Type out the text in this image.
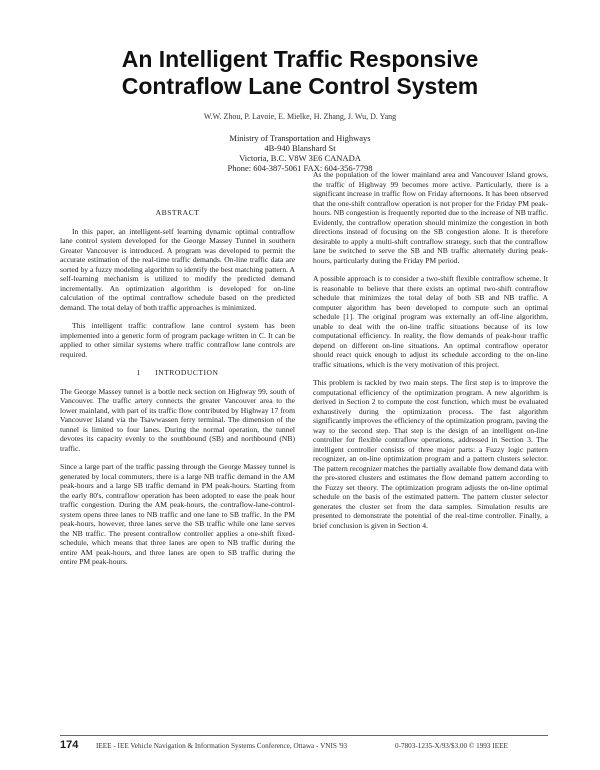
An Intelligent Traffic Responsive
Contraflow Lane Control System
W.W. Zhou, P. Lavoie, E. Mielke, H. Zhang, J. Wu, D. Yang
Ministry of Transportation and Highways
4B-940 Blanshard St
Victoria, B.C. V8W 3E6 CANADA
Phone: 604-387-5061 FAX: 604-356-7798
ABSTRACT

In this paper, an intelligent-self learning dynamic optimal contraflow lane control system developed for the George Massey Tunnel in southern Greater Vancouver is introduced. A program was developed to permit the accurate estimation of the real-time traffic demands. On-line traffic data are sorted by a fuzzy modeling algorithm to identify the best matching pattern. A self-learning mechanism is utilized to modify the predicted demand incrementally. An optimization algorithm is developed for on-line calculation of the optimal contraflow schedule based on the predicted demand. The total delay of both traffic approaches is minimized.

This intelligent traffic contraflow lane control system has been implemented into a generic form of program package written in C. It can be applied to other similar systems where traffic contraflow lane controls are required.

1      INTRODUCTION

The George Massey tunnel is a bottle neck section on Highway 99, south of Vancouver. The traffic artery connects the greater Vancouver area to the lower mainland, with part of its traffic flow contributed by Highway 17 from Vancouver Island via the Tsawwassen ferry terminal. The dimension of the tunnel is limited to four lanes. During the normal operation, the tunnel devotes its capacity evenly to the southbound (SB) and northbound (NB) traffic.

Since a large part of the traffic passing through the George Massey tunnel is generated by local commuters, there is a large NB traffic demand in the AM peak-hours and a large SB traffic demand in PM peak-hours. Starting from the early 80's, contraflow operation has been adopted to ease the peak hour traffic congestion. During the AM peak-hours, the contraflow-lane-control-system opens three lanes to NB traffic and one lane to SB traffic. In the PM peak-hours, however, three lanes serve the SB traffic while one lane serves the NB traffic. The present contraflow controller applies a one-shift fixed-schedule, which means that three lanes are open to NB traffic during the entire AM peak-hours, and three lanes are open to SB traffic during the entire PM peak-hours.

As the population of the lower mainland area and Vancouver Island grows, the traffic of Highway 99 becomes more active. Particularly, there is a significant increase in traffic flow on Friday afternoons. It has been observed that the one-shift contraflow operation is not proper for the Friday PM peak-hours. NB congestion is frequently reported due to the increase of NB traffic. Evidently, the contraflow operation should minimize the congestion in both directions instead of focusing on the SB congestion alone. It is therefore desirable to apply a multi-shift contraflow strategy, such that the contraflow lane be switched to serve the SB and NB traffic alternately during peak-hours, particularly during the Friday PM period.

A possible approach is to consider a two-shift flexible contraflow scheme. It is reasonable to believe that there exists an optimal two-shift contraflow schedule that minimizes the total delay of both SB and NB traffic. A computer algorithm has been developed to compute such an optimal schedule [1]. The original program was externally an off-line algorithm, unable to deal with the on-line traffic situations because of its low computational efficiency. In reality, the flow demands of peak-hour traffic depend on different on-line situations. An optimal contraflow operator should react quick enough to adjust its schedule according to the on-line traffic situations, which is the very motivation of this project.

This problem is tackled by two main steps. The first step is to improve the computational efficiency of the optimization program. A new algorithm is derived in Section 2 to compute the cost function, which must be evaluated exhaustively during the optimization process. The fast algorithm significantly improves the efficiency of the optimization program, paving the way to the second step. That step is the design of an intelligent on-line controller for flexible contraflow operations, addressed in Section 3. The intelligent controller consists of three major parts: a Fuzzy logic pattern recognizer, an on-line optimization program and a pattern clusters selector. The pattern recognizer matches the partially available flow demand data with the pre-stored clusters and estimates the flow demand pattern according to the Fuzzy set theory. The optimization program adjusts the on-line optimal schedule on the basis of the estimated pattern. The pattern cluster selector generates the cluster set from the data samples. Simulation results are presented to demonstrate the potential of the real-time controller. Finally, a brief conclusion is given in Section 4.

174 IEEE - IEE Vehicle Navigation & Information Systems Conference, Ottawa - VNIS '93	0-7803-1235-X/93/$3.00 © 1993 IEEE
